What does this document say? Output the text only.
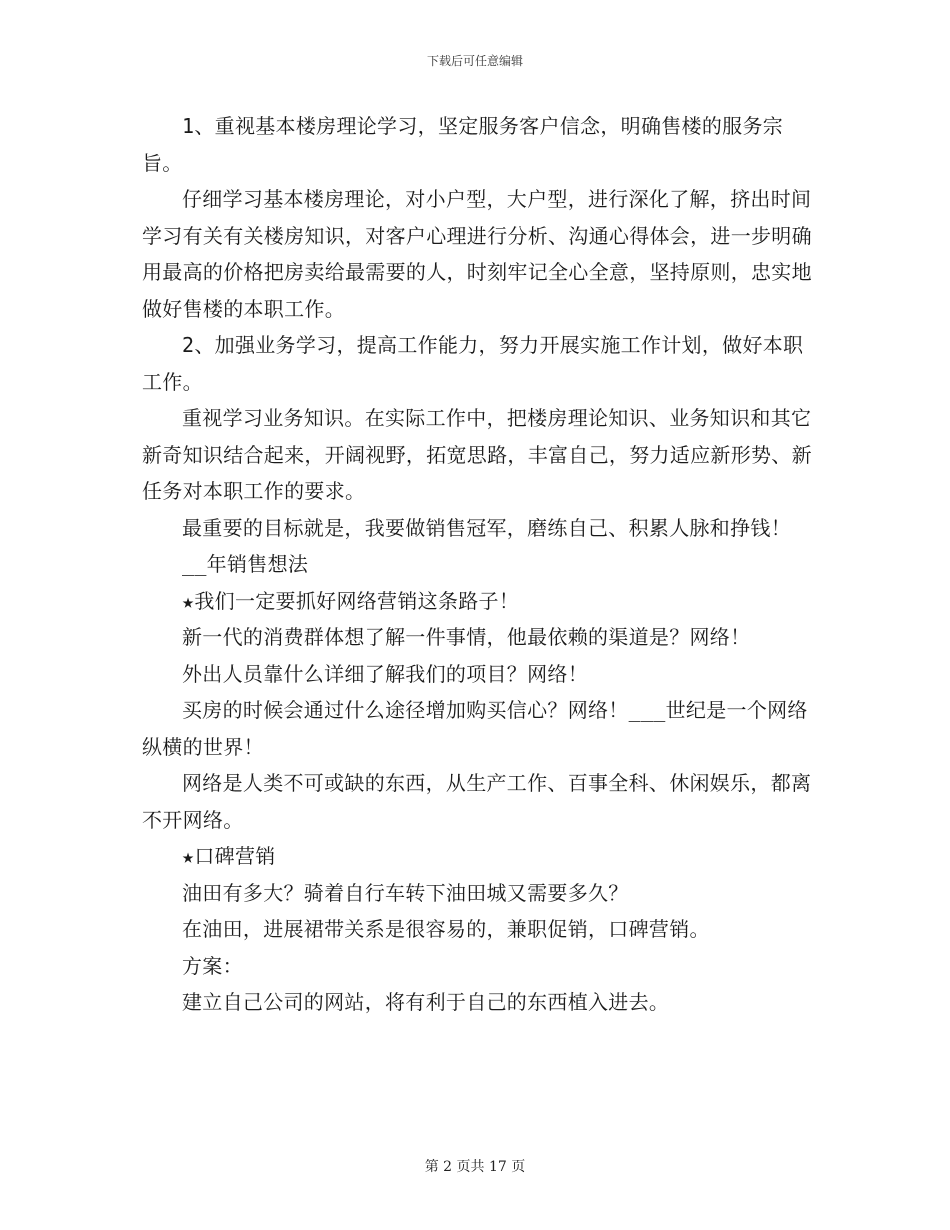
下载后可任意编辑

1、重视基本楼房理论学习，坚定服务客户信念，明确售楼的服务宗旨。

仔细学习基本楼房理论，对小户型，大户型，进行深化了解，挤出时间学习有关有关楼房知识，对客户心理进行分析、沟通心得体会，进一步明确用最高的价格把房卖给最需要的人，时刻牢记全心全意，坚持原则，忠实地做好售楼的本职工作。

2、加强业务学习，提高工作能力，努力开展实施工作计划，做好本职工作。

重视学习业务知识。在实际工作中，把楼房理论知识、业务知识和其它新奇知识结合起来，开阔视野，拓宽思路，丰富自己，努力适应新形势、新任务对本职工作的要求。

最重要的目标就是，我要做销售冠军，磨练自己、积累人脉和挣钱！

__年销售想法

★我们一定要抓好网络营销这条路子！

新一代的消费群体想了解一件事情，他最依赖的渠道是？网络！

外出人员靠什么详细了解我们的项目？网络！

买房的时候会通过什么途径增加购买信心？网络！___世纪是一个网络纵横的世界！

网络是人类不可或缺的东西，从生产工作、百事全科、休闲娱乐，都离不开网络。

★口碑营销

油田有多大？骑着自行车转下油田城又需要多久？

在油田，进展裙带关系是很容易的，兼职促销，口碑营销。

方案：

建立自己公司的网站，将有利于自己的东西植入进去。

第 2 页共 17 页
